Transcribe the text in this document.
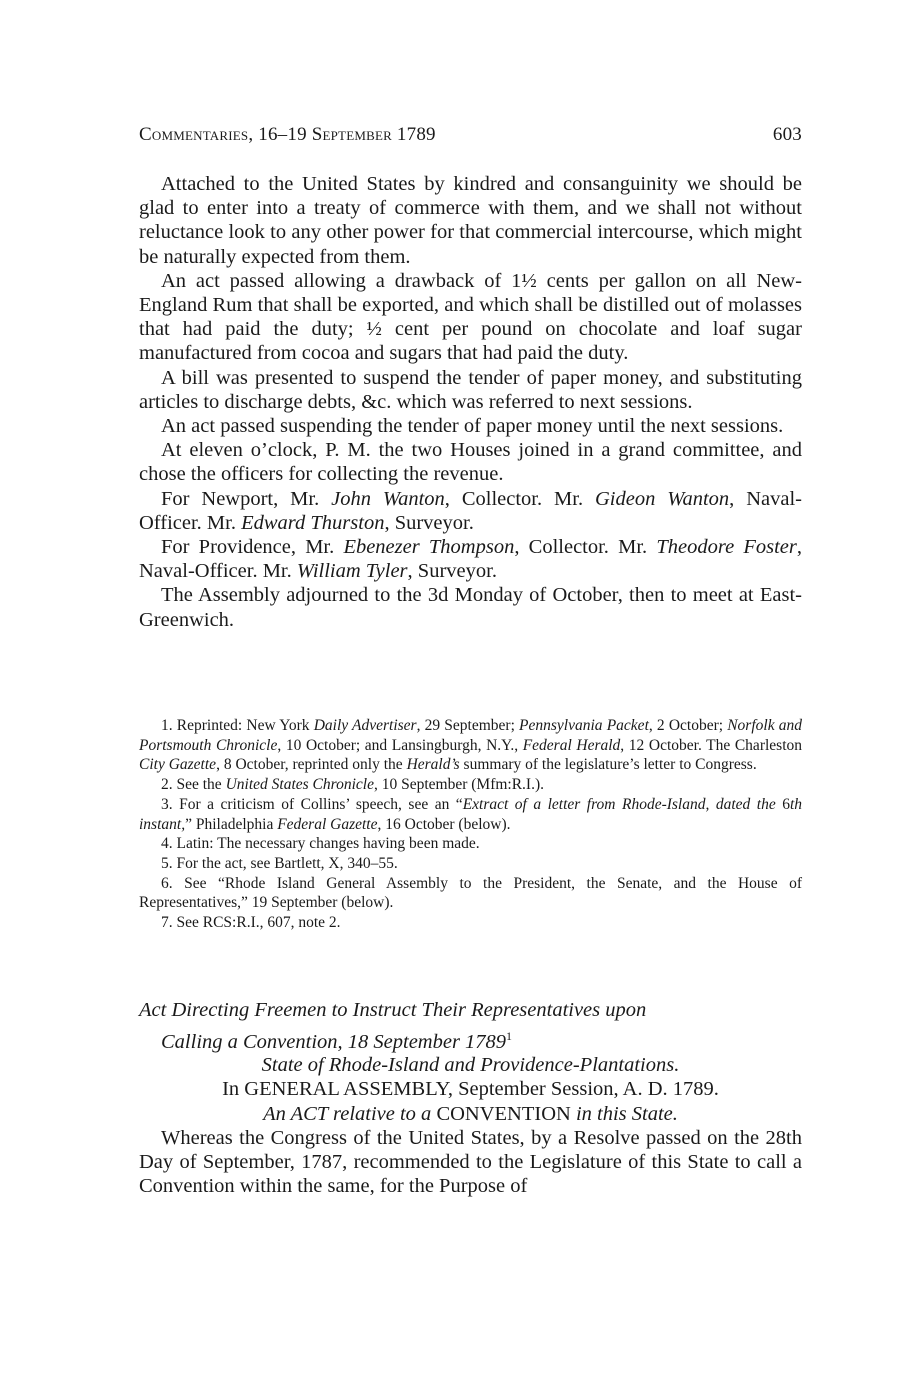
Commentaries, 16–19 September 1789	603

Attached to the United States by kindred and consanguinity we should be glad to enter into a treaty of commerce with them, and we shall not without reluctance look to any other power for that commercial intercourse, which might be naturally expected from them.

An act passed allowing a drawback of 1½ cents per gallon on all New-England Rum that shall be exported, and which shall be distilled out of molasses that had paid the duty; ½ cent per pound on chocolate and loaf sugar manufactured from cocoa and sugars that had paid the duty.

A bill was presented to suspend the tender of paper money, and substituting articles to discharge debts, &c. which was referred to next sessions.

An act passed suspending the tender of paper money until the next sessions.

At eleven o’clock, P. M. the two Houses joined in a grand committee, and chose the officers for collecting the revenue.

For Newport, Mr. John Wanton, Collector. Mr. Gideon Wanton, Naval-Officer. Mr. Edward Thurston, Surveyor.

For Providence, Mr. Ebenezer Thompson, Collector. Mr. Theodore Foster, Naval-Officer. Mr. William Tyler, Surveyor.

The Assembly adjourned to the 3d Monday of October, then to meet at East-Greenwich.

1. Reprinted: New York Daily Advertiser, 29 September; Pennsylvania Packet, 2 October; Norfolk and Portsmouth Chronicle, 10 October; and Lansingburgh, N.Y., Federal Herald, 12 October. The Charleston City Gazette, 8 October, reprinted only the Herald’s summary of the legislature’s letter to Congress.

2. See the United States Chronicle, 10 September (Mfm:R.I.).

3. For a criticism of Collins’ speech, see an “Extract of a letter from Rhode-Island, dated the 6th instant,” Philadelphia Federal Gazette, 16 October (below).

4. Latin: The necessary changes having been made.

5. For the act, see Bartlett, X, 340–55.

6. See “Rhode Island General Assembly to the President, the Senate, and the House of Representatives,” 19 September (below).

7. See RCS:R.I., 607, note 2.

Act Directing Freemen to Instruct Their Representatives upon
Calling a Convention, 18 September 1789$^1$
State of Rhode-Island and Providence-Plantations.
In GENERAL ASSEMBLY, September Session, A. D. 1789.
An ACT relative to a CONVENTION in this State.

Whereas the Congress of the United States, by a Resolve passed on the 28th Day of September, 1787, recommended to the Legislature of this State to call a Convention within the same, for the Purpose of
